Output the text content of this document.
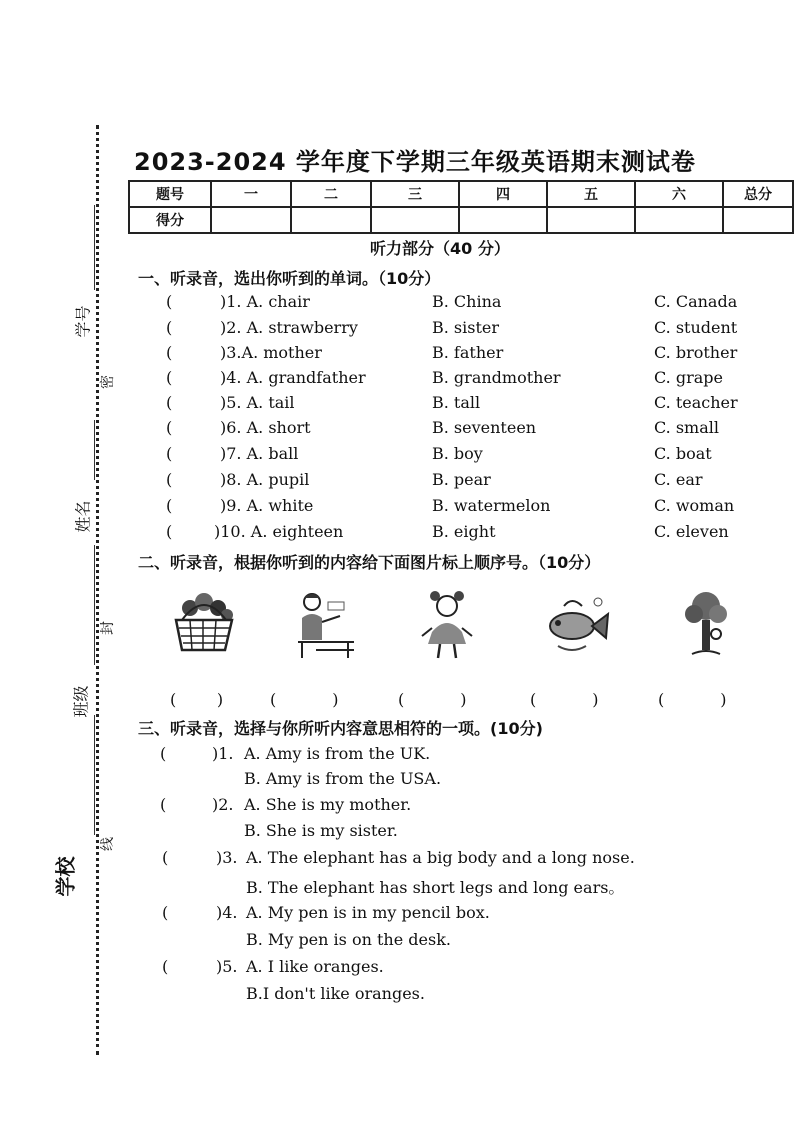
学号
姓名
班级
学校
密
封
线
2023-2024 学年度下学期三年级英语期末测试卷
题号	一	二	三	四	五	六	总分
得分							
听力部分（40 分）
一、听录音，选出你听到的单词。（10分）
(	)1. A. chair	B. China	C. Canada
(	)2. A. strawberry	B. sister	C. student
(	)3.A. mother	B. father	C. brother
(	)4. A. grandfather	B. grandmother	C. grape
(	)5. A. tail	B. tall	C. teacher
(	)6. A. short	B. seventeen	C. small
(	)7. A. ball	B. boy	C. boat
(	)8. A. pupil	B. pear	C. ear
(	)9. A. white	B. watermelon	C. woman
(	)10. A. eighteen	B. eight	C. eleven
二、听录音，根据你听到的内容给下面图片标上顺序号。（10分）
(        )	(           )	(           )	(           )	(           )
三、听录音，选择与你所听内容意思相符的一项。(10分)
(	)1. A. Amy is from the UK.
B. Amy is from the USA.
(	)2. A. She is my mother.
B. She is my sister.
(	)3. A. The elephant has a big body and a long nose.
B. The elephant has short legs and long ears。
(	)4. A. My pen is in my pencil box.
B. My pen is on the desk.
(	)5. A. I like oranges.
B.I don't like oranges.
